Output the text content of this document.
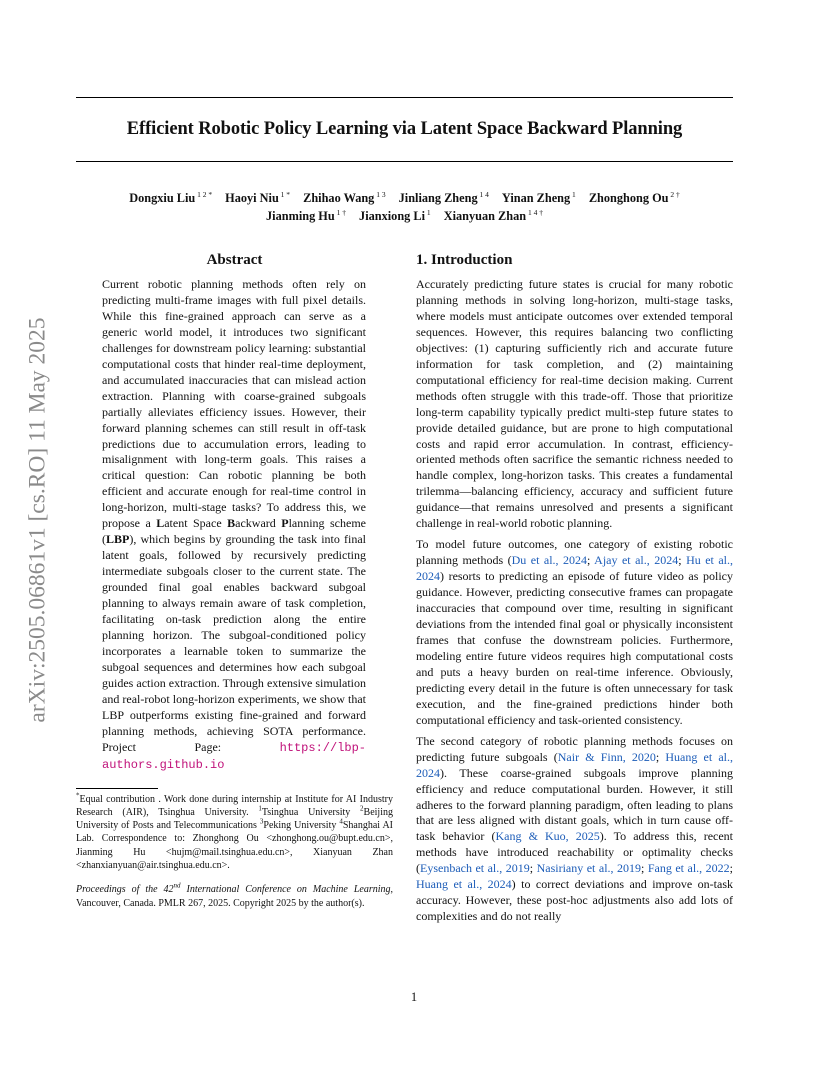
Efficient Robotic Policy Learning via Latent Space Backward Planning
Dongxiu Liu $^{1 2 *}$ Haoyi Niu $^{1 *}$ Zhihao Wang $^{1 3}$ Jinliang Zheng $^{1 4}$ Yinan Zheng $^1$ Zhonghong Ou $^{2 \dagger}$
Jianming Hu $^{1 \dagger}$ Jianxiong Li $^1$ Xianyuan Zhan $^{1 4 \dagger}$
arXiv:2505.06861v1 [cs.RO] 11 May 2025
Abstract
Current robotic planning methods often rely on predicting multi-frame images with full pixel details. While this fine-grained approach can serve as a generic world model, it introduces two significant challenges for downstream policy learning: substantial computational costs that hinder real-time deployment, and accumulated inaccuracies that can mislead action extraction. Planning with coarse-grained subgoals partially alleviates efficiency issues. However, their forward planning schemes can still result in off-task predictions due to accumulation errors, leading to misalignment with long-term goals. This raises a critical question: Can robotic planning be both efficient and accurate enough for real-time control in long-horizon, multi-stage tasks? To address this, we propose a Latent Space Backward Planning scheme (LBP), which begins by grounding the task into final latent goals, followed by recursively predicting intermediate subgoals closer to the current state. The grounded final goal enables backward subgoal planning to always remain aware of task completion, facilitating on-task prediction along the entire planning horizon. The subgoal-conditioned policy incorporates a learnable token to summarize the subgoal sequences and determines how each subgoal guides action extraction. Through extensive simulation and real-robot long-horizon experiments, we show that LBP outperforms existing fine-grained and forward planning methods, achieving SOTA performance. Project Page: https://lbp-authors.github.io

*Equal contribution . Work done during internship at Institute for AI Industry Research (AIR), Tsinghua University. $^1$Tsinghua University $^2$Beijing University of Posts and Telecommunications $^3$Peking University $^4$Shanghai AI Lab. Correspondence to: Zhonghong Ou <zhonghong.ou@bupt.edu.cn>, Jianming Hu <hujm@mail.tsinghua.edu.cn>, Xianyuan Zhan <zhanxianyuan@air.tsinghua.edu.cn>.

Proceedings of the 42nd International Conference on Machine Learning, Vancouver, Canada. PMLR 267, 2025. Copyright 2025 by the author(s).

1. Introduction

Accurately predicting future states is crucial for many robotic planning methods in solving long-horizon, multi-stage tasks, where models must anticipate outcomes over extended temporal sequences. However, this requires balancing two conflicting objectives: (1) capturing sufficiently rich and accurate future information for task completion, and (2) maintaining computational efficiency for real-time decision making. Current methods often struggle with this trade-off. Those that prioritize long-term capability typically predict multi-step future states to provide detailed guidance, but are prone to high computational costs and rapid error accumulation. In contrast, efficiency-oriented methods often sacrifice the semantic richness needed to handle complex, long-horizon tasks. This creates a fundamental trilemma—balancing efficiency, accuracy and sufficient future guidance—that remains unresolved and presents a significant challenge in real-world robotic planning.

To model future outcomes, one category of existing robotic planning methods (Du et al., 2024; Ajay et al., 2024; Hu et al., 2024) resorts to predicting an episode of future video as policy guidance. However, predicting consecutive frames can propagate inaccuracies that compound over time, resulting in significant deviations from the intended final goal or physically inconsistent frames that confuse the downstream policies. Furthermore, modeling entire future videos requires high computational costs and puts a heavy burden on real-time inference. Obviously, predicting every detail in the future is often unnecessary for task execution, and the fine-grained predictions hinder both computational efficiency and task-oriented consistency.

The second category of robotic planning methods focuses on predicting future subgoals (Nair & Finn, 2020; Huang et al., 2024). These coarse-grained subgoals improve planning efficiency and reduce computational burden. However, it still adheres to the forward planning paradigm, often leading to plans that are less aligned with distant goals, which in turn cause off-task behavior (Kang & Kuo, 2025). To address this, recent methods have introduced reachability or optimality checks (Eysenbach et al., 2019; Nasiriany et al., 2019; Fang et al., 2022; Huang et al., 2024) to correct deviations and improve on-task accuracy. However, these post-hoc adjustments also add lots of complexities and do not really

1
